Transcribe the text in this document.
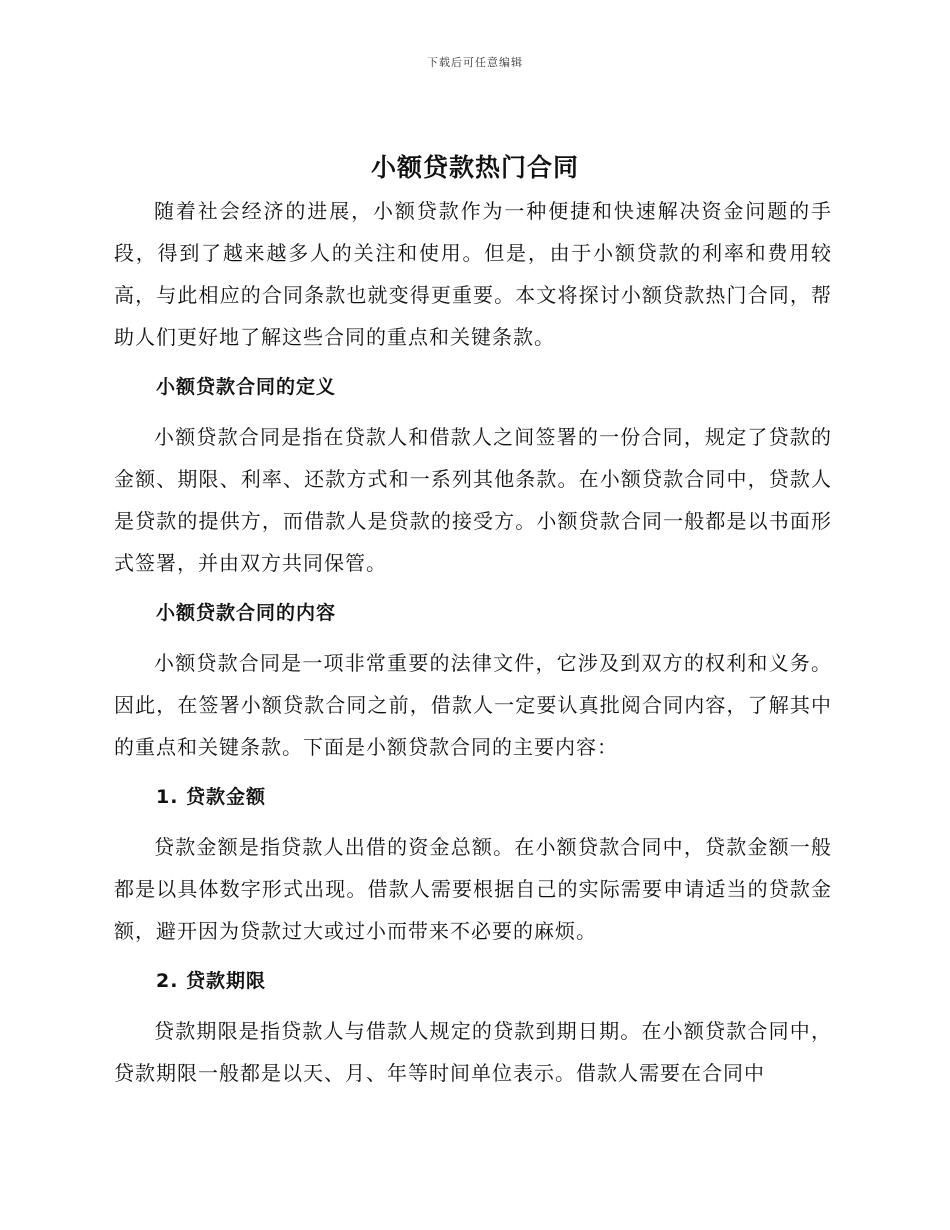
下载后可任意编辑
小额贷款热门合同

随着社会经济的进展，小额贷款作为一种便捷和快速解决资金问题的手段，得到了越来越多人的关注和使用。但是，由于小额贷款的利率和费用较高，与此相应的合同条款也就变得更重要。本文将探讨小额贷款热门合同，帮助人们更好地了解这些合同的重点和关键条款。

小额贷款合同的定义

小额贷款合同是指在贷款人和借款人之间签署的一份合同，规定了贷款的金额、期限、利率、还款方式和一系列其他条款。在小额贷款合同中，贷款人是贷款的提供方，而借款人是贷款的接受方。小额贷款合同一般都是以书面形式签署，并由双方共同保管。

小额贷款合同的内容

小额贷款合同是一项非常重要的法律文件，它涉及到双方的权利和义务。因此，在签署小额贷款合同之前，借款人一定要认真批阅合同内容，了解其中的重点和关键条款。下面是小额贷款合同的主要内容：

1. 贷款金额

贷款金额是指贷款人出借的资金总额。在小额贷款合同中，贷款金额一般都是以具体数字形式出现。借款人需要根据自己的实际需要申请适当的贷款金额，避开因为贷款过大或过小而带来不必要的麻烦。

2. 贷款期限

贷款期限是指贷款人与借款人规定的贷款到期日期。在小额贷款合同中，贷款期限一般都是以天、月、年等时间单位表示。借款人需要在合同中
